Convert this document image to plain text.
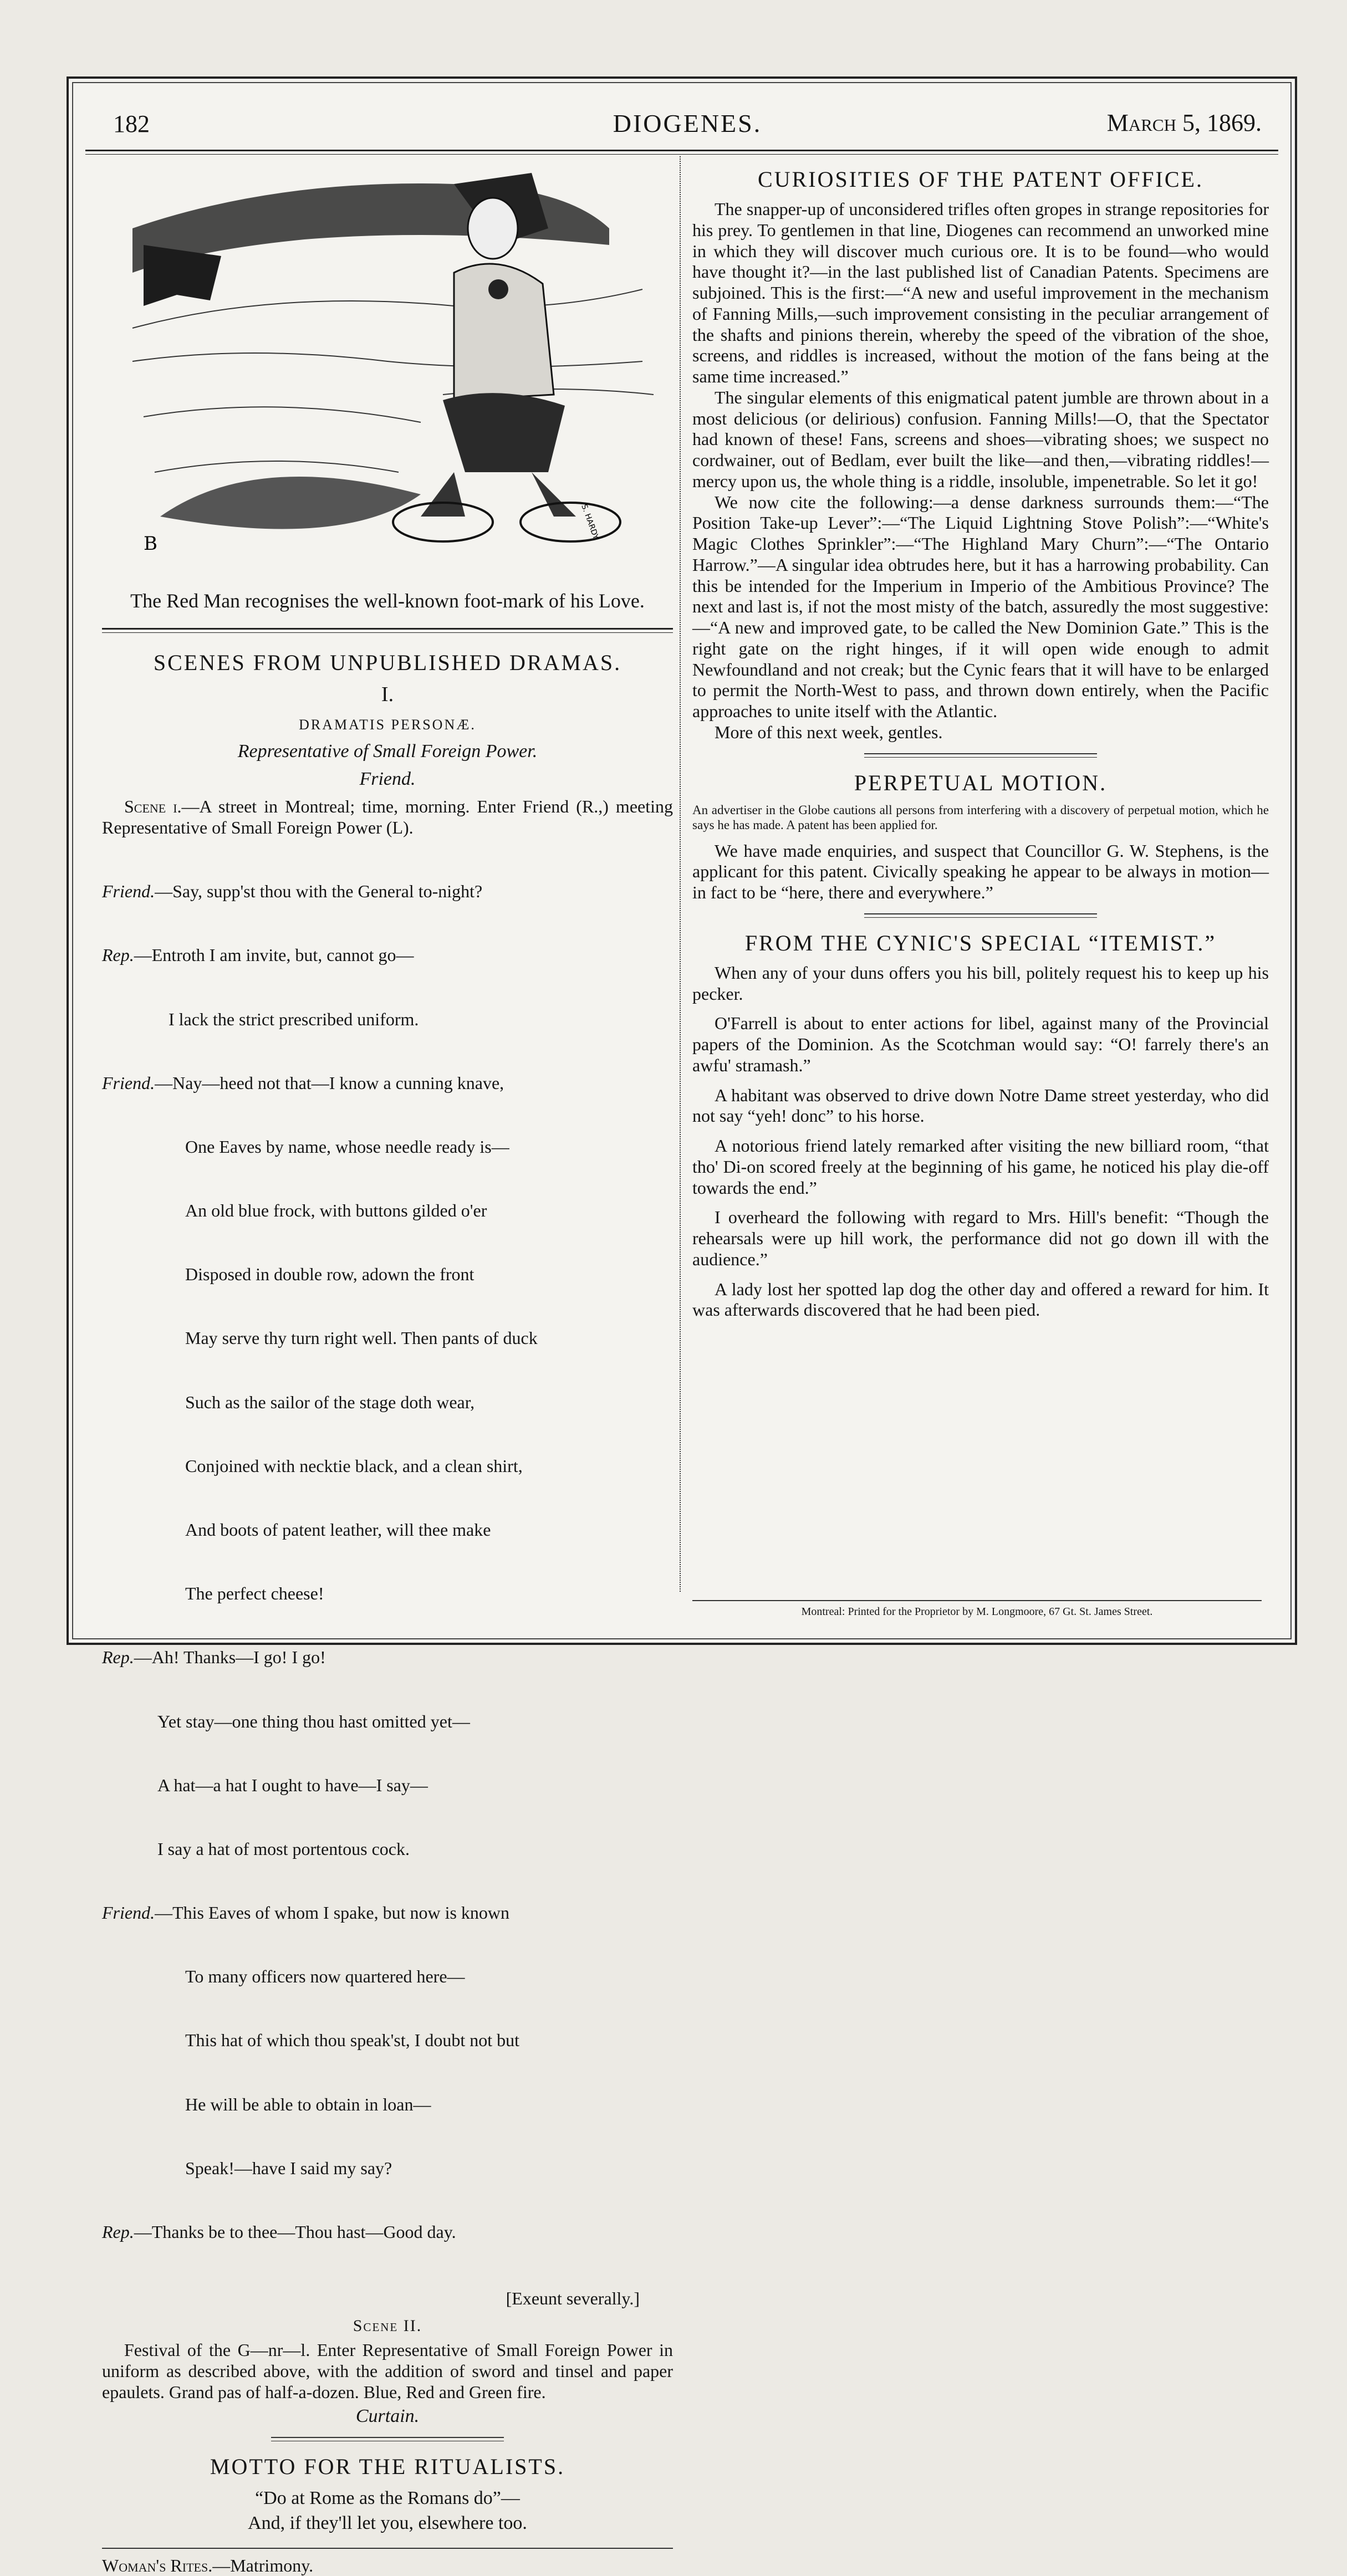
182	DIOGENES.	March 5, 1869.
B
S. HARDY
The Red Man recognises the well-known foot-mark of his Love.
SCENES FROM UNPUBLISHED DRAMAS.
I.
DRAMATIS PERSONÆ.
Representative of Small Foreign Power.
Friend.

Scene i.—A street in Montreal; time, morning. Enter Friend (R.,) meeting Representative of Small Foreign Power (L).

Friend.—Say, supp'st thou with the General to-night?

Rep.—Entroth I am invite, but, cannot go—

I lack the strict prescribed uniform.

Friend.—Nay—heed not that—I know a cunning knave,

One Eaves by name, whose needle ready is—

An old blue frock, with buttons gilded o'er

Disposed in double row, adown the front

May serve thy turn right well. Then pants of duck

Such as the sailor of the stage doth wear,

Conjoined with necktie black, and a clean shirt,

And boots of patent leather, will thee make

The perfect cheese!

Rep.—Ah! Thanks—I go! I go!

Yet stay—one thing thou hast omitted yet—

A hat—a hat I ought to have—I say—

I say a hat of most portentous cock.

Friend.—This Eaves of whom I spake, but now is known

To many officers now quartered here—

This hat of which thou speak'st, I doubt not but

He will be able to obtain in loan—

Speak!—have I said my say?

Rep.—Thanks be to thee—Thou hast—Good day.

[Exeunt severally.]
Scene II.

Festival of the G—nr—l. Enter Representative of Small Foreign Power in uniform as described above, with the addition of sword and tinsel and paper epaulets. Grand pas of half-a-dozen. Blue, Red and Green fire.

Curtain.
MOTTO FOR THE RITUALISTS.
“Do at Rome as the Romans do”—
And, if they'll let you, elsewhere too.
Woman's Rites.—Matrimony.
CURIOSITIES OF THE PATENT OFFICE.

The snapper-up of unconsidered trifles often gropes in strange repositories for his prey. To gentlemen in that line, Diogenes can recommend an unworked mine in which they will discover much curious ore. It is to be found—who would have thought it?—in the last published list of Canadian Patents. Specimens are subjoined. This is the first:—“A new and useful improvement in the mechanism of Fanning Mills,—such improvement consisting in the peculiar arrangement of the shafts and pinions therein, whereby the speed of the vibration of the shoe, screens, and riddles is increased, without the motion of the fans being at the same time increased.”

The singular elements of this enigmatical patent jumble are thrown about in a most delicious (or delirious) confusion. Fanning Mills!—O, that the Spectator had known of these! Fans, screens and shoes—vibrating shoes; we suspect no cordwainer, out of Bedlam, ever built the like—and then,—vibrating riddles!—mercy upon us, the whole thing is a riddle, insoluble, impenetrable. So let it go!

We now cite the following:—a dense darkness surrounds them:—“The Position Take-up Lever”:—“The Liquid Lightning Stove Polish”:—“White's Magic Clothes Sprinkler”:—“The Highland Mary Churn”:—“The Ontario Harrow.”—A singular idea obtrudes here, but it has a harrowing probability. Can this be intended for the Imperium in Imperio of the Ambitious Province? The next and last is, if not the most misty of the batch, assuredly the most suggestive:—“A new and improved gate, to be called the New Dominion Gate.” This is the right gate on the right hinges, if it will open wide enough to admit Newfoundland and not creak; but the Cynic fears that it will have to be enlarged to permit the North-West to pass, and thrown down entirely, when the Pacific approaches to unite itself with the Atlantic.

More of this next week, gentles.

PERPETUAL MOTION.

An advertiser in the Globe cautions all persons from interfering with a discovery of perpetual motion, which he says he has made. A patent has been applied for.

We have made enquiries, and suspect that Councillor G. W. Stephens, is the applicant for this patent. Civically speaking he appear to be always in motion—in fact to be “here, there and everywhere.”

FROM THE CYNIC'S SPECIAL “ITEMIST.”

When any of your duns offers you his bill, politely request his to keep up his pecker.

O'Farrell is about to enter actions for libel, against many of the Provincial papers of the Dominion. As the Scotchman would say: “O! farrely there's an awfu' stramash.”

A habitant was observed to drive down Notre Dame street yesterday, who did not say “yeh! donc” to his horse.

A notorious friend lately remarked after visiting the new billiard room, “that tho' Di-on scored freely at the beginning of his game, he noticed his play die-off towards the end.”

I overheard the following with regard to Mrs. Hill's benefit: “Though the rehearsals were up hill work, the performance did not go down ill with the audience.”

A lady lost her spotted lap dog the other day and offered a reward for him. It was afterwards discovered that he had been pied.

Montreal: Printed for the Proprietor by M. Longmoore, 67 Gt. St. James Street.
